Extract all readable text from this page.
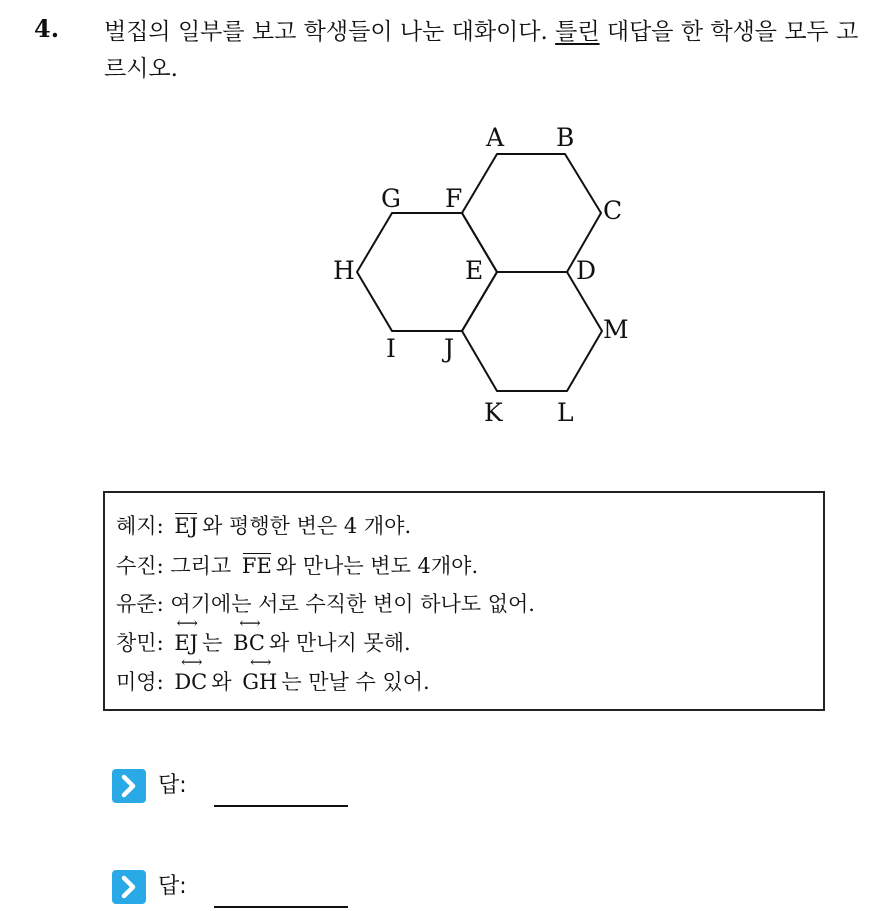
4. 벌집의 일부를 보고 학생들이 나눈 대화이다. 틀린 대답을 한 학생을 모두 고르시오.
A B
C
G F
H	E	D
M
I J
K L
혜지: EJ 와 평행한 변은 4 개야.
수진: 그리고 FE 와 만나는 변도 4개야.
유준: 여기에는 서로 수직한 변이 하나도 없어.
창민:
⟷
EJ 는
⟷
BC 와 만나지 못해.
미영:
⟷
DC 와
⟷
GH 는 만날 수 있어.
답:
답:
